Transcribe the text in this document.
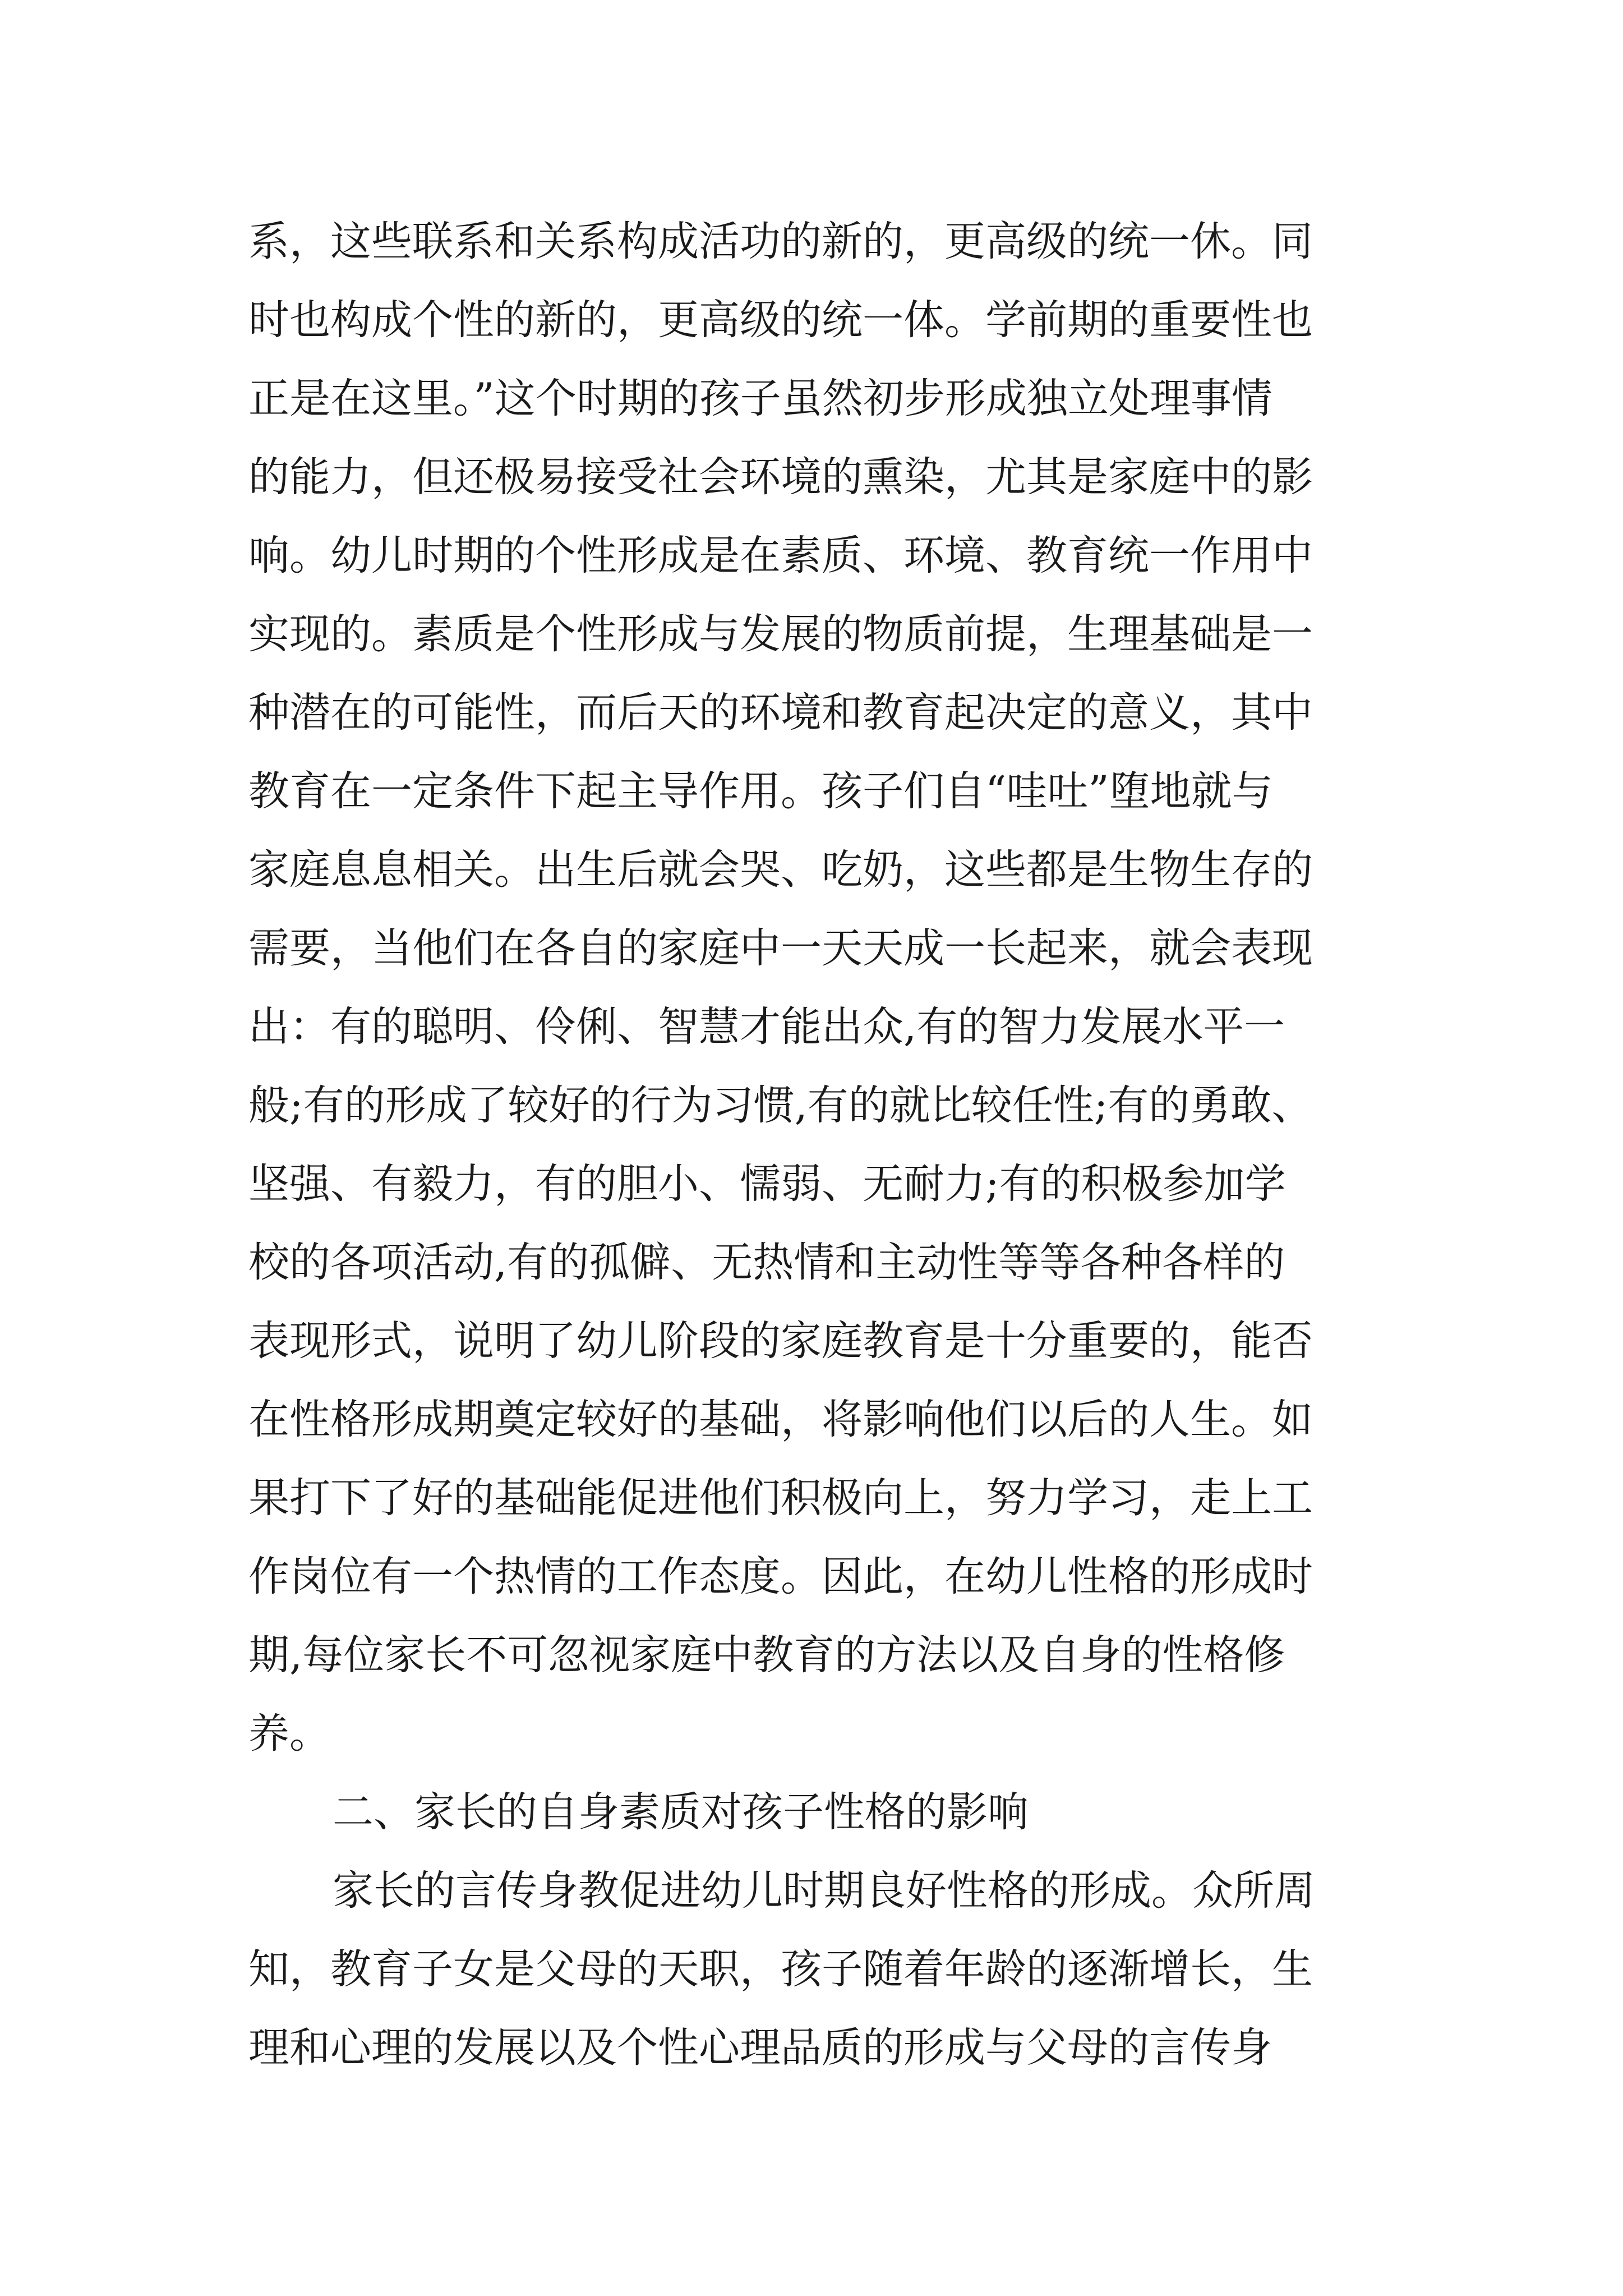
系，这些联系和关系构成活功的新的，更高级的统一休。同

时也构成个性的新的，更高级的统一体。学前期的重要性也

正是在这里。”这个时期的孩子虽然初步形成独立处理事情

的能力，但还极易接受社会环境的熏染，尤其是家庭中的影

响。幼儿时期的个性形成是在素质、环境、教育统一作用中

实现的。素质是个性形成与发展的物质前提，生理基础是一

种潜在的可能性，而后天的环境和教育起决定的意义，其中

教育在一定条件下起主导作用。孩子们自“哇吐”堕地就与

家庭息息相关。出生后就会哭、吃奶，这些都是生物生存的

需要，当他们在各自的家庭中一天天成一长起来，就会表现

出：有的聪明、伶俐、智慧才能出众,有的智力发展水平一

般;有的形成了较好的行为习惯,有的就比较任性;有的勇敢、

坚强、有毅力，有的胆小、懦弱、无耐力;有的积极参加学

校的各项活动,有的孤僻、无热情和主动性等等各种各样的

表现形式，说明了幼儿阶段的家庭教育是十分重要的，能否

在性格形成期奠定较好的基础，将影响他们以后的人生。如

果打下了好的基础能促进他们积极向上，努力学习，走上工

作岗位有一个热情的工作态度。因此，在幼儿性格的形成时

期,每位家长不可忽视家庭中教育的方法以及自身的性格修

养。

二、家长的自身素质对孩子性格的影响

家长的言传身教促进幼儿时期良好性格的形成。众所周

知，教育子女是父母的天职，孩子随着年龄的逐渐增长，生

理和心理的发展以及个性心理品质的形成与父母的言传身
